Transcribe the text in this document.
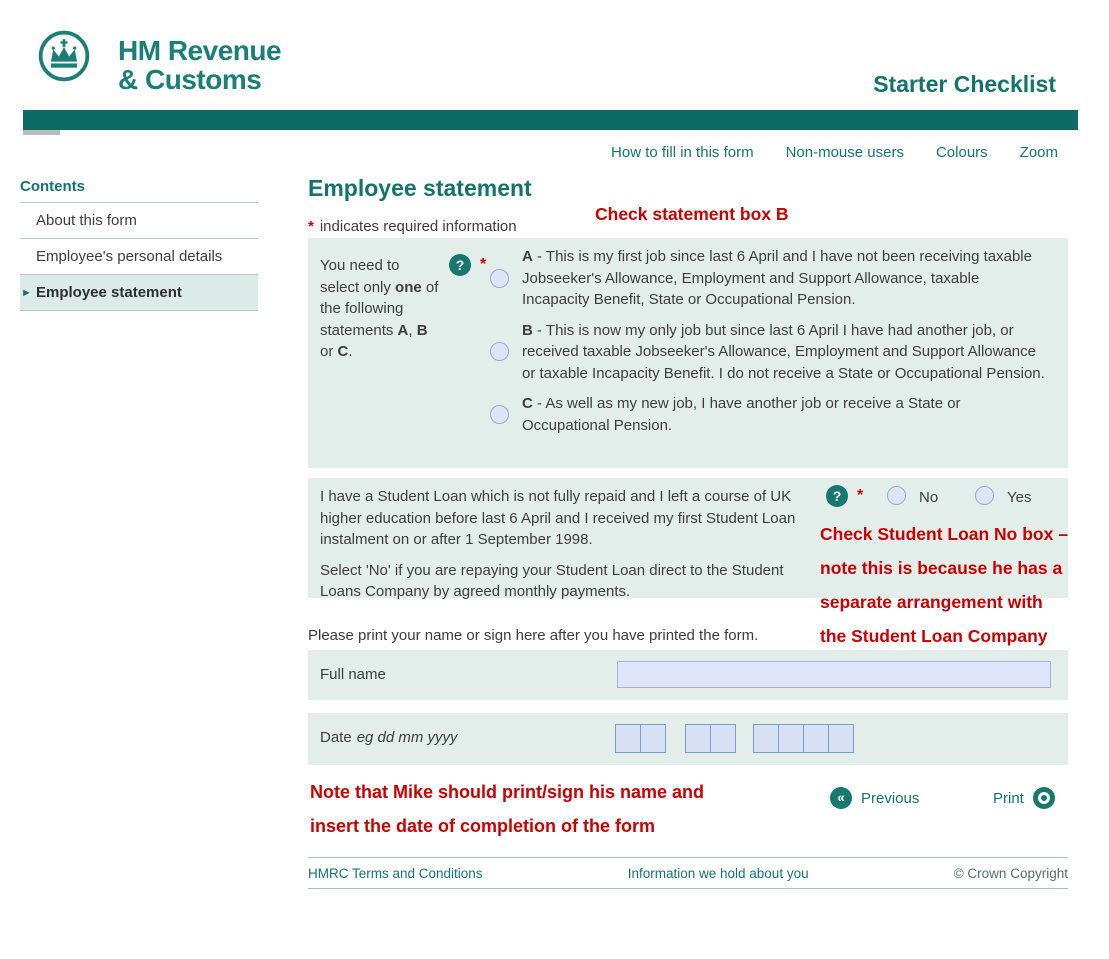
HM Revenue
& Customs	Starter Checklist
How to fill in this form Non-mouse users Colours Zoom
Contents
About this form
Employee's personal details
► Employee statement
Employee statement
* indicates required information
You need to select only one of the following statements A, B or C.
? * A - This is my first job since last 6 April and I have not been receiving taxable Jobseeker's Allowance, Employment and Support Allowance, taxable Incapacity Benefit, State or Occupational Pension.
B - This is now my only job but since last 6 April I have had another job, or received taxable Jobseeker's Allowance, Employment and Support Allowance or taxable Incapacity Benefit. I do not receive a State or Occupational Pension.
C - As well as my new job, I have another job or receive a State or Occupational Pension.

I have a Student Loan which is not fully repaid and I left a course of UK higher education before last 6 April and I received my first Student Loan instalment on or after 1 September 1998.

Select 'No' if you are repaying your Student Loan direct to the Student Loans Company by agreed monthly payments.

? *	No	Yes
Please print your name or sign here after you have printed the form.
Full name
Date eg dd mm yyyy
Check statement box B
Check Student Loan No box –
note this is because he has a
separate arrangement with
the Student Loan Company
Note that Mike should print/sign his name and
insert the date of completion of the form
«	Previous	Print
HMRC Terms and Conditions	Information we hold about you	© Crown Copyright
